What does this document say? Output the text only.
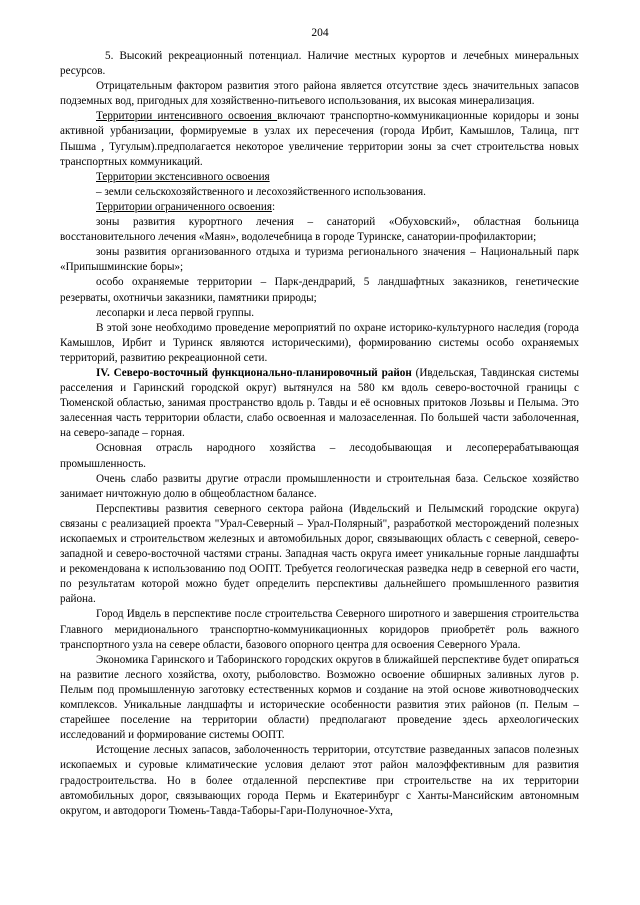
204

5. Высокий рекреационный потенциал. Наличие местных курортов и лечебных минеральных ресурсов.

Отрицательным фактором развития этого района является отсутствие здесь значительных запасов подземных вод, пригодных для хозяйственно-питьевого использования, их высокая минерализация.

Территории интенсивного освоения включают транспортно-коммуникационные коридоры и зоны активной урбанизации, формируемые в узлах их пересечения (города Ирбит, Камышлов, Талица, пгт Пышма , Тугулым).предполагается некоторое увеличение территории зоны за счет строительства новых транспортных коммуникаций.

Территории экстенсивного освоения

– земли сельскохозяйственного и лесохозяйственного использования.

Территории ограниченного освоения:

зоны развития курортного лечения – санаторий «Обуховский», областная больница восстановительного лечения «Маян», водолечебница в городе Туринске, санатории-профилактории;

зоны развития организованного отдыха и туризма регионального значения – Национальный парк «Припышминские боры»;

особо охраняемые территории – Парк-дендрарий, 5 ландшафтных заказников, генетические резерваты, охотничьи заказники, памятники природы;

лесопарки и леса первой группы.

В этой зоне необходимо проведение мероприятий по охране историко-культурного наследия (города Камышлов, Ирбит и Туринск являются историческими), формированию системы особо охраняемых территорий, развитию рекреационной сети.

IV. Северо-восточный функционально-планировочный район (Ивдельская, Тавдинская системы расселения и Гаринский городской округ) вытянулся на 580 км вдоль северо-восточной границы с Тюменской областью, занимая пространство вдоль р. Тавды и её основных притоков Лозьвы и Пелыма. Это залесенная часть территории области, слабо освоенная и малозаселенная. По большей части заболоченная, на северо-западе – горная.

Основная отрасль народного хозяйства – лесодобывающая и лесоперерабатывающая промышленность.

Очень слабо развиты другие отрасли промышленности и строительная база. Сельское хозяйство занимает ничтожную долю в общеобластном балансе.

Перспективы развития северного сектора района (Ивдельский и Пелымский городские округа) связаны с реализацией проекта "Урал-Северный – Урал-Полярный", разработкой месторождений полезных ископаемых и строительством железных и автомобильных дорог, связывающих область с северной, северо-западной и северо-восточной частями страны. Западная часть округа имеет уникальные горные ландшафты и рекомендована к использованию под ООПТ. Требуется геологическая разведка недр в северной его части, по результатам которой можно будет определить перспективы дальнейшего промышленного развития района.

Город Ивдель в перспективе после строительства Северного широтного и завершения строительства Главного меридионального транспортно-коммуникационных коридоров приобретёт роль важного транспортного узла на севере области, базового опорного центра для освоения Северного Урала.

Экономика Гаринского и Таборинского городских округов в ближайшей перспективе будет опираться на развитие лесного хозяйства, охоту, рыболовство. Возможно освоение обширных заливных лугов р. Пелым под промышленную заготовку естественных кормов и создание на этой основе животноводческих комплексов. Уникальные ландшафты и исторические особенности развития этих районов (п. Пелым – старейшее поселение на территории области) предполагают проведение здесь археологических исследований и формирование системы ООПТ.

Истощение лесных запасов, заболоченность территории, отсутствие разведанных запасов полезных ископаемых и суровые климатические условия делают этот район малоэффективным для развития градостроительства. Но в более отдаленной перспективе при строительстве на их территории автомобильных дорог, связывающих города Пермь и Екатеринбург с Ханты-Мансийским автономным округом, и автодороги Тюмень-Тавда-Таборы-Гари-Полуночное-Ухта,
